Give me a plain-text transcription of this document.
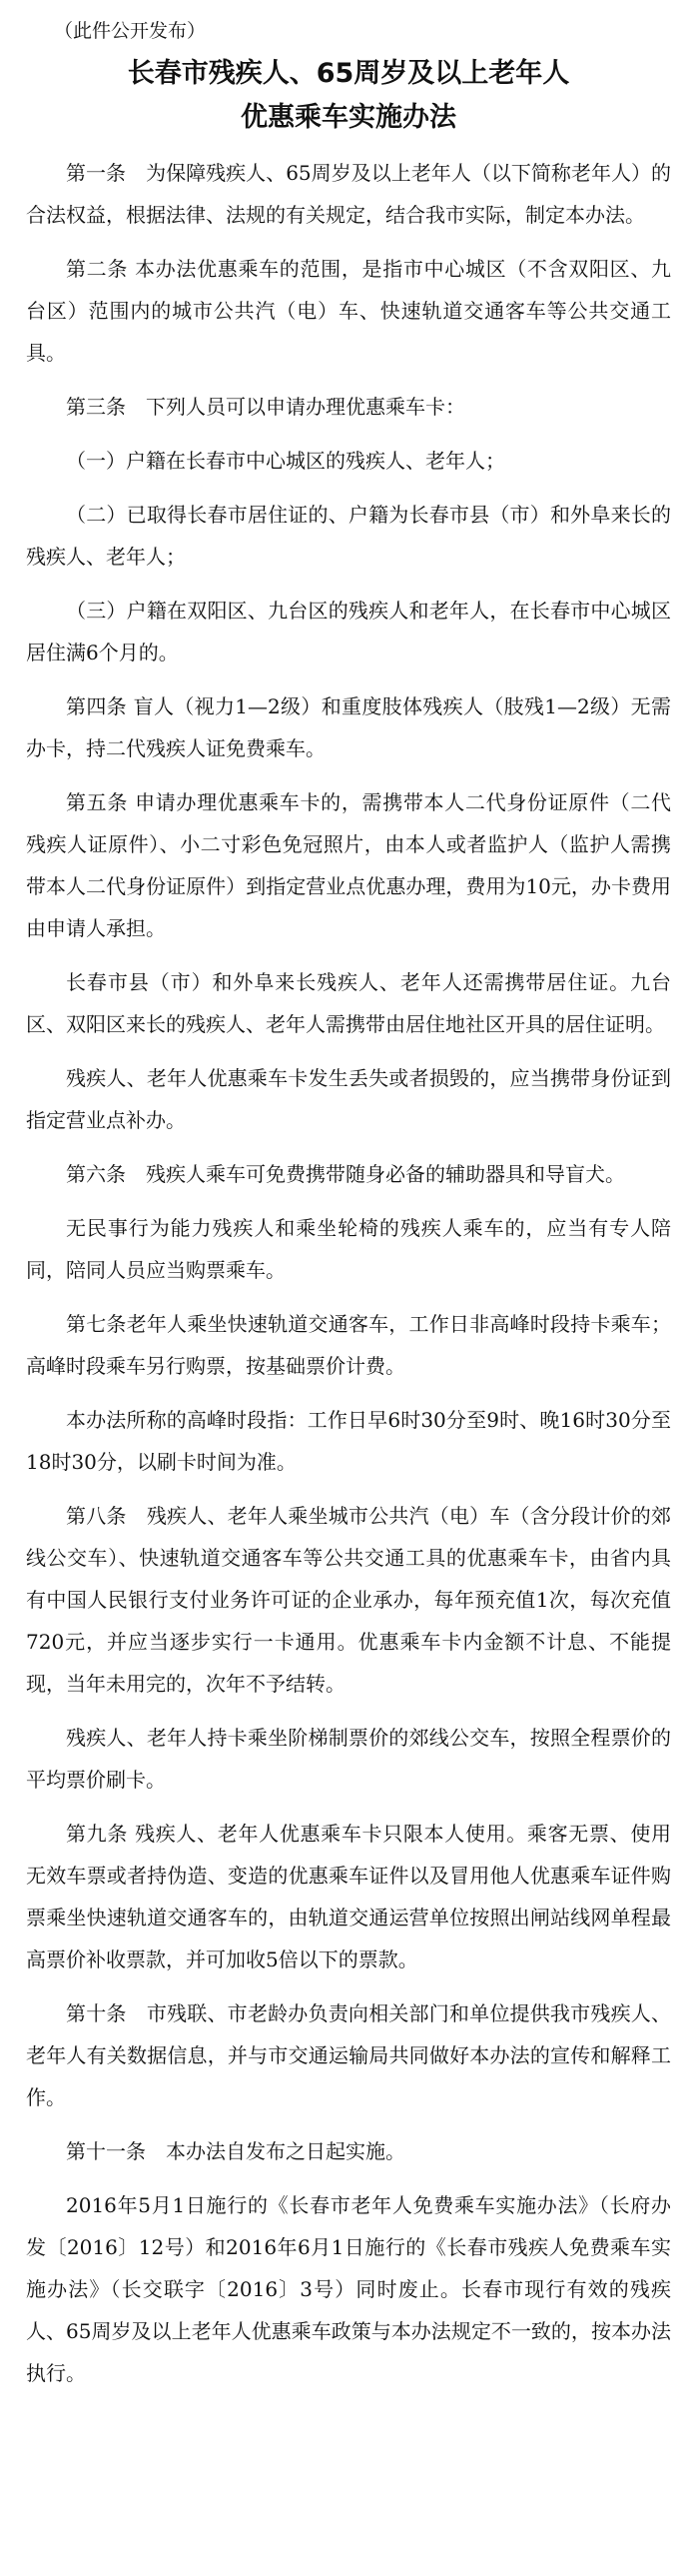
（此件公开发布）
长春市残疾人、65周岁及以上老年人
优惠乘车实施办法

第一条　为保障残疾人、65周岁及以上老年人（以下简称老年人）的合法权益，根据法律、法规的有关规定，结合我市实际，制定本办法。

第二条 本办法优惠乘车的范围，是指市中心城区（不含双阳区、九台区）范围内的城市公共汽（电）车、快速轨道交通客车等公共交通工具。

第三条　下列人员可以申请办理优惠乘车卡：

（一）户籍在长春市中心城区的残疾人、老年人；

（二）已取得长春市居住证的、户籍为长春市县（市）和外阜来长的残疾人、老年人；

（三）户籍在双阳区、九台区的残疾人和老年人，在长春市中心城区居住满6个月的。

第四条 盲人（视力1—2级）和重度肢体残疾人（肢残1—2级）无需办卡，持二代残疾人证免费乘车。

第五条 申请办理优惠乘车卡的，需携带本人二代身份证原件（二代残疾人证原件）、小二寸彩色免冠照片，由本人或者监护人（监护人需携带本人二代身份证原件）到指定营业点优惠办理，费用为10元，办卡费用由申请人承担。

长春市县（市）和外阜来长残疾人、老年人还需携带居住证。九台区、双阳区来长的残疾人、老年人需携带由居住地社区开具的居住证明。

残疾人、老年人优惠乘车卡发生丢失或者损毁的，应当携带身份证到指定营业点补办。

第六条　残疾人乘车可免费携带随身必备的辅助器具和导盲犬。

无民事行为能力残疾人和乘坐轮椅的残疾人乘车的，应当有专人陪同，陪同人员应当购票乘车。

第七条老年人乘坐快速轨道交通客车，工作日非高峰时段持卡乘车；高峰时段乘车另行购票，按基础票价计费。

本办法所称的高峰时段指：工作日早6时30分至9时、晚16时30分至18时30分，以刷卡时间为准。

第八条　残疾人、老年人乘坐城市公共汽（电）车（含分段计价的郊线公交车）、快速轨道交通客车等公共交通工具的优惠乘车卡，由省内具有中国人民银行支付业务许可证的企业承办，每年预充值1次，每次充值720元，并应当逐步实行一卡通用。优惠乘车卡内金额不计息、不能提现，当年未用完的，次年不予结转。

残疾人、老年人持卡乘坐阶梯制票价的郊线公交车，按照全程票价的平均票价刷卡。

第九条 残疾人、老年人优惠乘车卡只限本人使用。乘客无票、使用无效车票或者持伪造、变造的优惠乘车证件以及冒用他人优惠乘车证件购票乘坐快速轨道交通客车的，由轨道交通运营单位按照出闸站线网单程最高票价补收票款，并可加收5倍以下的票款。

第十条　市残联、市老龄办负责向相关部门和单位提供我市残疾人、老年人有关数据信息，并与市交通运输局共同做好本办法的宣传和解释工作。

第十一条　本办法自发布之日起实施。

2016年5月1日施行的《长春市老年人免费乘车实施办法》（长府办发〔2016〕12号）和2016年6月1日施行的《长春市残疾人免费乘车实施办法》（长交联字〔2016〕3号）同时废止。长春市现行有效的残疾人、65周岁及以上老年人优惠乘车政策与本办法规定不一致的，按本办法执行。
